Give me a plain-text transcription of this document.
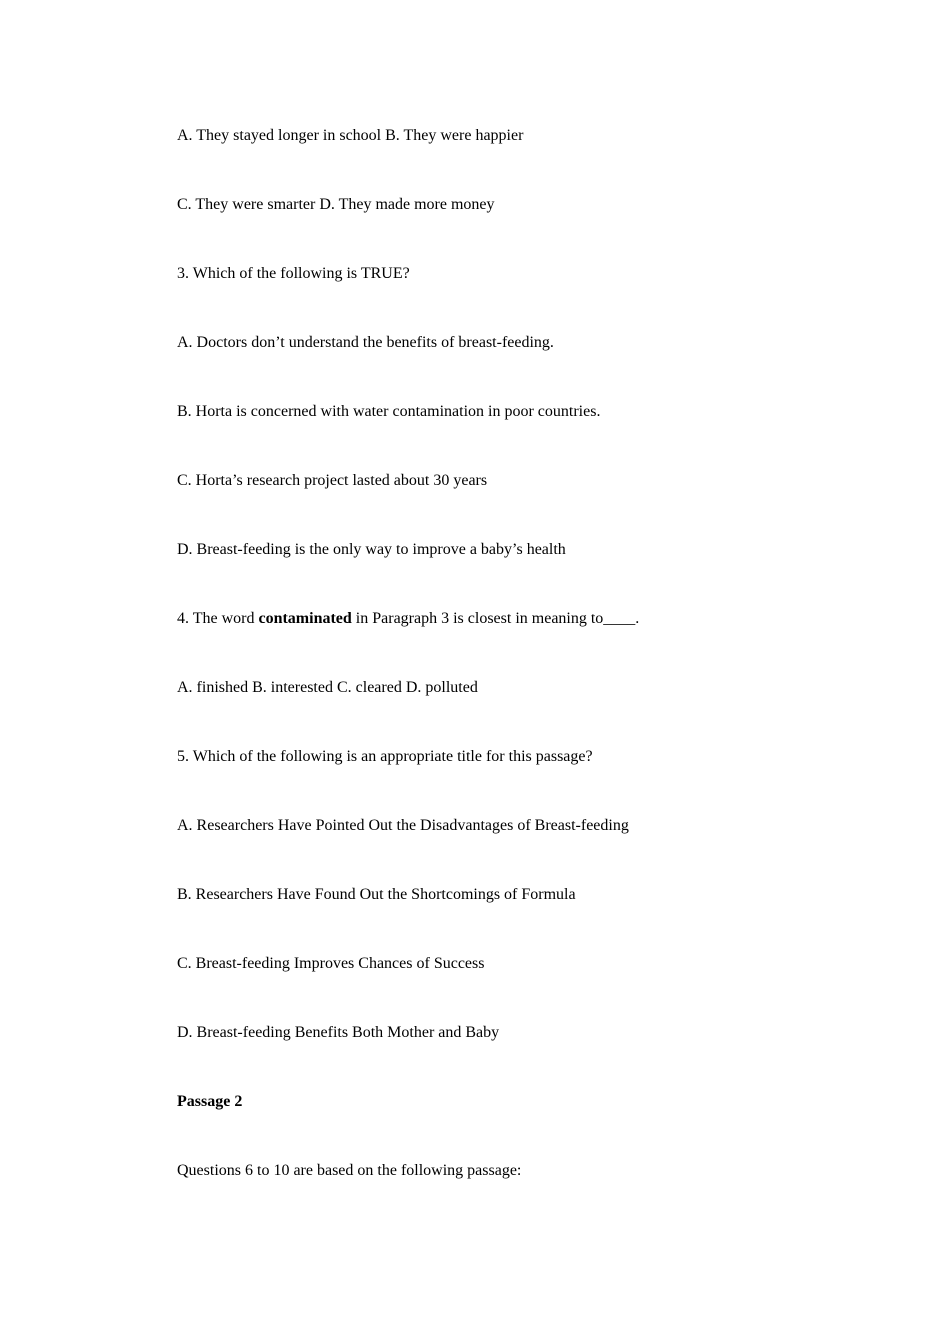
A. They stayed longer in school B. They were happier
C. They were smarter D. They made more money
3. Which of the following is TRUE?
A. Doctors don’t understand the benefits of breast-feeding.
B. Horta is concerned with water contamination in poor countries.
C. Horta’s research project lasted about 30 years
D. Breast-feeding is the only way to improve a baby’s health
4. The word contaminated in Paragraph 3 is closest in meaning to____.
A. finished B. interested C. cleared D. polluted
5. Which of the following is an appropriate title for this passage?
A. Researchers Have Pointed Out the Disadvantages of Breast-feeding
B. Researchers Have Found Out the Shortcomings of Formula
C. Breast-feeding Improves Chances of Success
D. Breast-feeding Benefits Both Mother and Baby
Passage 2
Questions 6 to 10 are based on the following passage:
